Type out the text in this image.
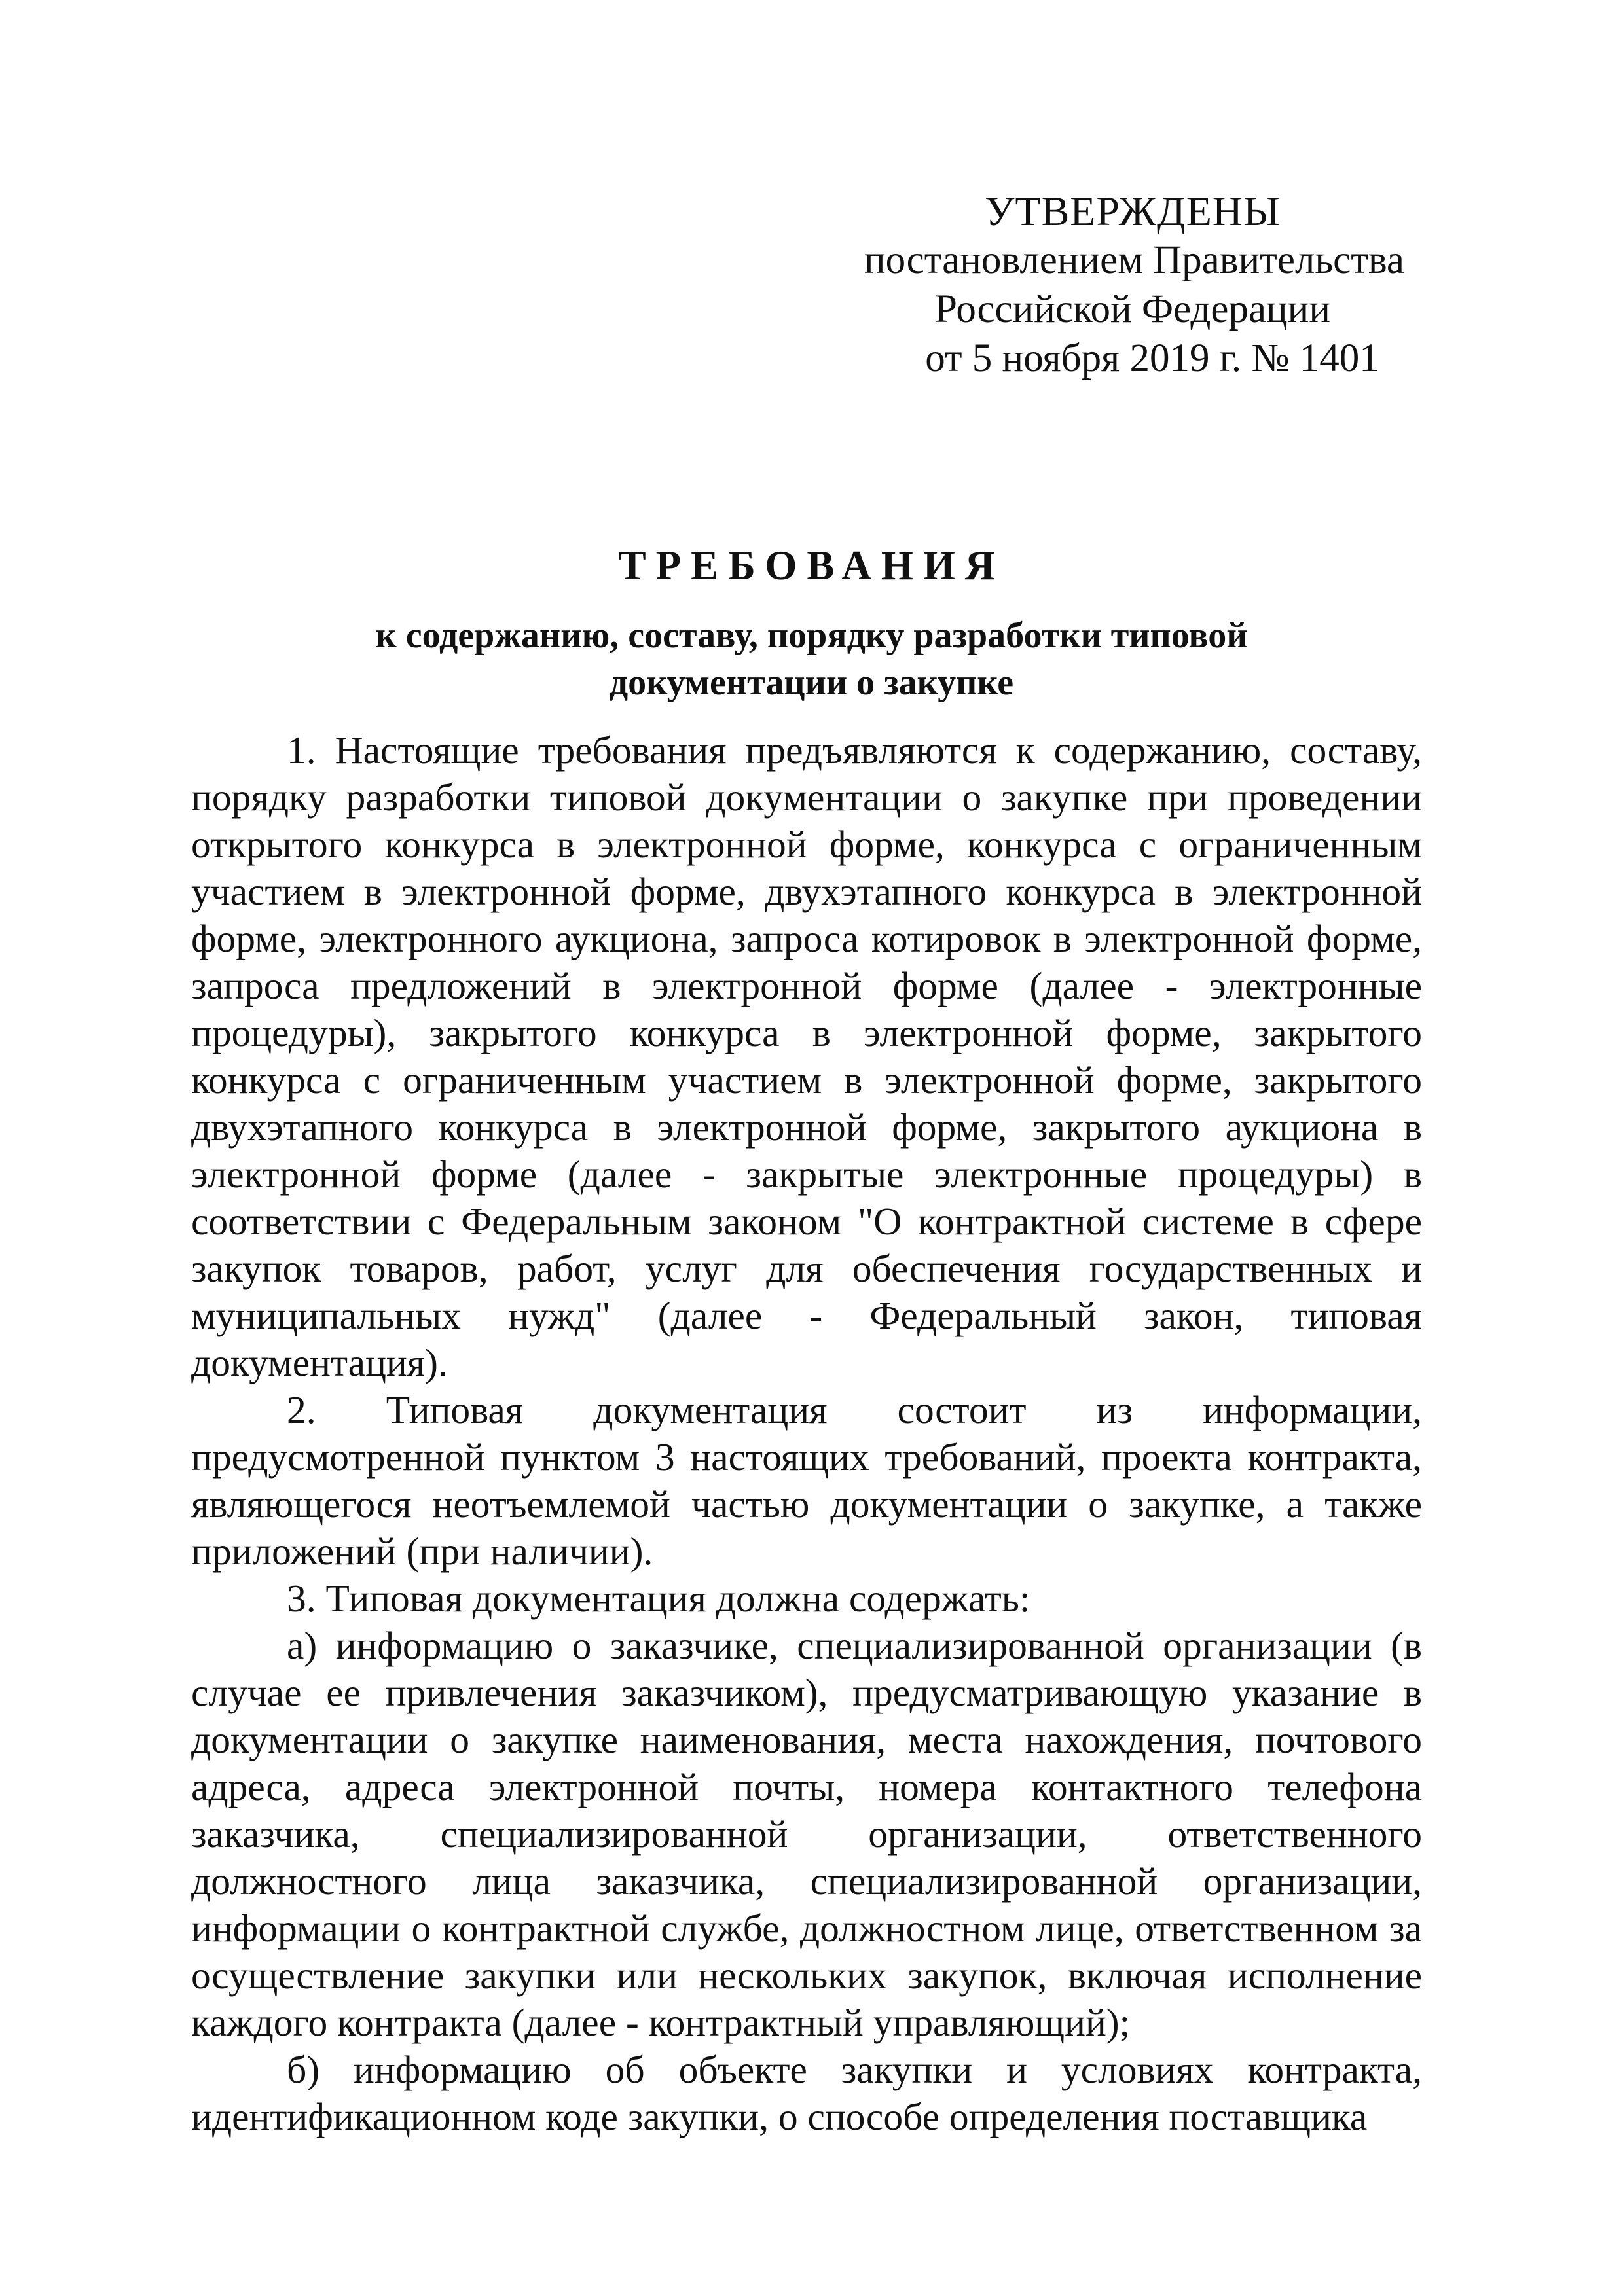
УТВЕРЖДЕНЫ
постановлением Правительства
Российской Федерации
от 5 ноября 2019 г. № 1401
ТРЕБОВАНИЯ
к содержанию, составу, порядку разработки типовой
документации о закупке

1. Настоящие требования предъявляются к содержанию, составу, порядку разработки типовой документации о закупке при проведении открытого конкурса в электронной форме, конкурса с ограниченным участием в электронной форме, двухэтапного конкурса в электронной форме, электронного аукциона, запроса котировок в электронной форме, запроса предложений в электронной форме (далее - электронные процедуры), закрытого конкурса в электронной форме, закрытого конкурса с ограниченным участием в электронной форме, закрытого двухэтапного конкурса в электронной форме, закрытого аукциона в электронной форме (далее - закрытые электронные процедуры) в соответствии с Федеральным законом "О контрактной системе в сфере закупок товаров, работ, услуг для обеспечения государственных и муниципальных нужд" (далее - Федеральный закон, типовая документация).

2. Типовая документация состоит из информации, предусмотренной пунктом 3 настоящих требований, проекта контракта, являющегося неотъемлемой частью документации о закупке, а также приложений (при наличии).

3. Типовая документация должна содержать:

а) информацию о заказчике, специализированной организации (в случае ее привлечения заказчиком), предусматривающую указание в документации о закупке наименования, места нахождения, почтового адреса, адреса электронной почты, номера контактного телефона заказчика, специализированной организации, ответственного должностного лица заказчика, специализированной организации, информации о контрактной службе, должностном лице, ответственном за осуществление закупки или нескольких закупок, включая исполнение каждого контракта (далее - контрактный управляющий);

б) информацию об объекте закупки и условиях контракта, идентификационном коде закупки, о способе определения поставщика
